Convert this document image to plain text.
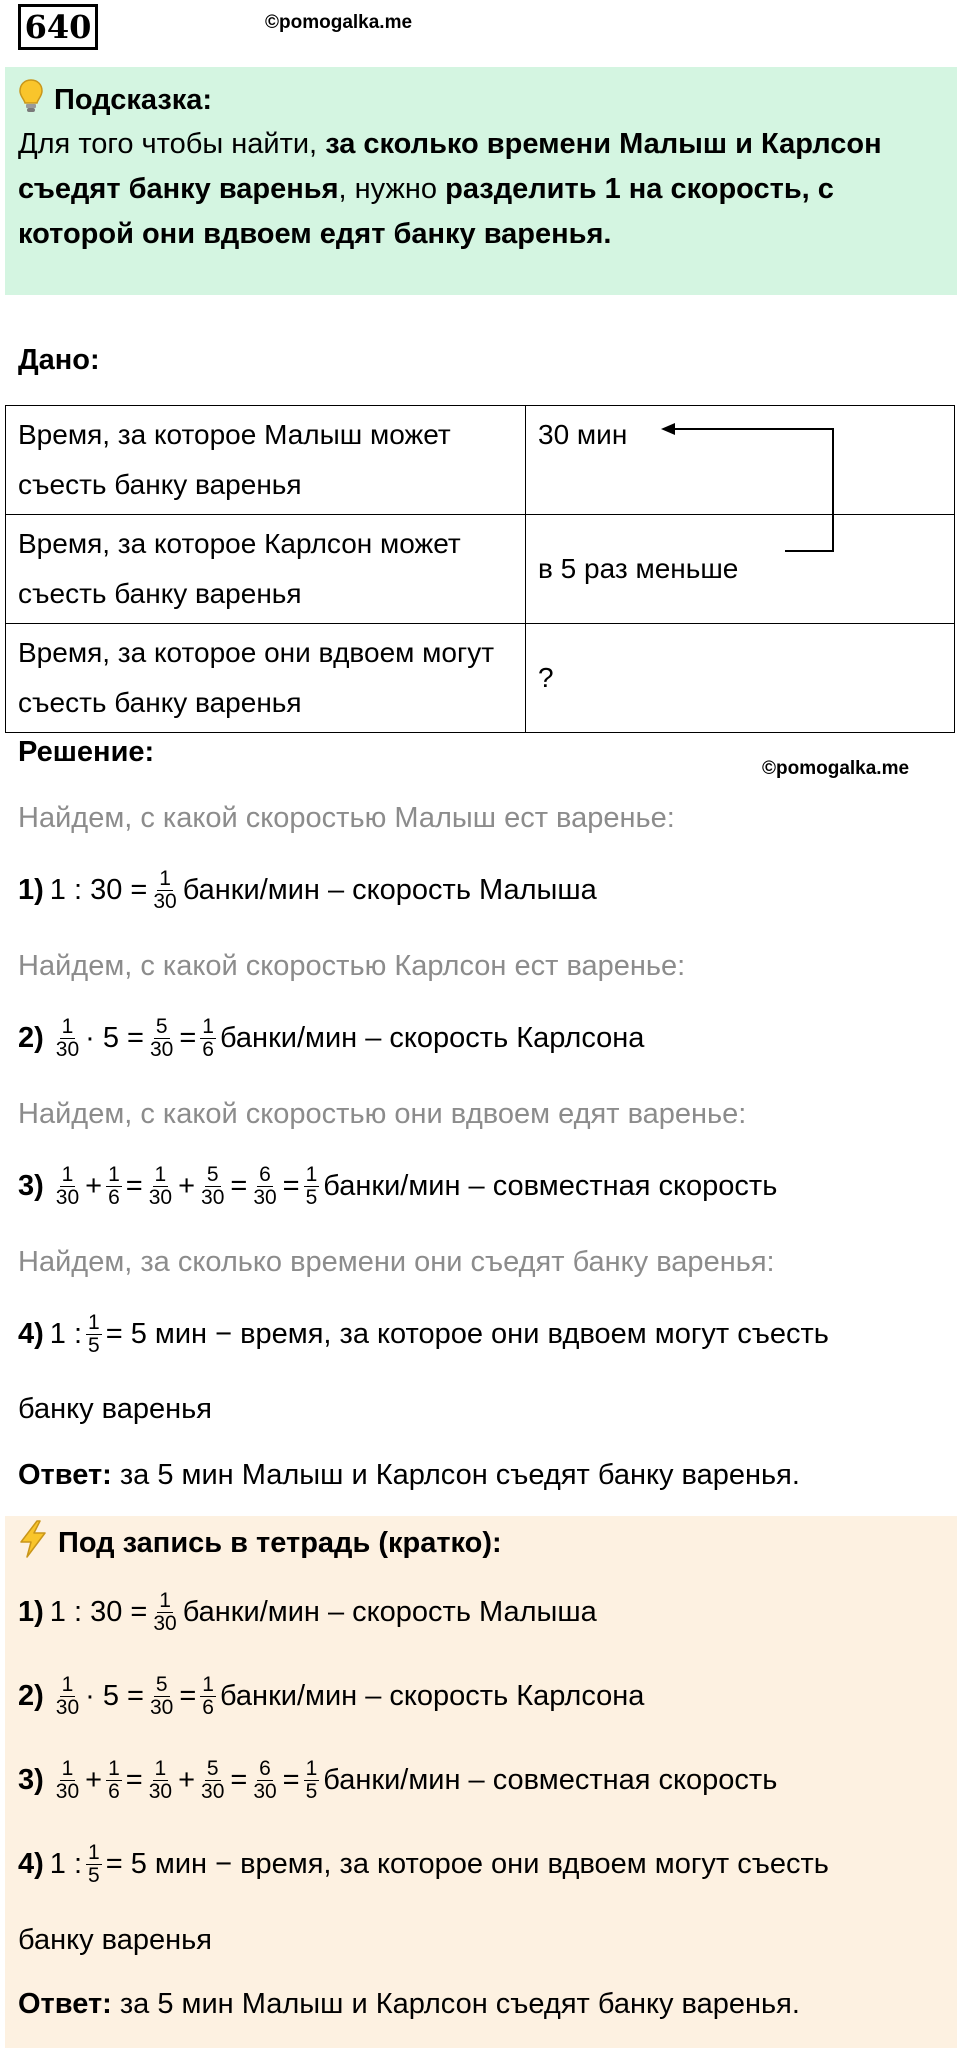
640	©pomogalka.me
Подсказка:
Для того чтобы найти, за сколько времени Малыш и Карлсон съедят банку варенья, нужно разделить 1 на скорость, с которой они вдвоем едят банку варенья.
Дано:
Время, за которое Малыш может съесть банку варенья	30 мин
Время, за которое Карлсон может съесть банку варенья	в 5 раз меньше
Время, за которое они вдвоем могут съесть банку варенья	?
Решение:
©pomogalka.me
Найдем, с какой скоростью Малыш ест варенье:
1) 1 : $30 = \frac{1}{30}$ банки/мин – скорость Малыша
Найдем, с какой скоростью Карлсон ест варенье:
$2) \frac{1}{30} \cdot 5 = \frac{5}{30} = \frac{1}{6}$ банки/мин – скорость Карлсона
Найдем, с какой скоростью они вдвоем едят варенье:
$3) \frac{1}{30} + \frac{1}{6} = \frac{1}{30} + \frac{5}{30} = \frac{6}{30} = \frac{1}{5}$ банки/мин – совместная скорость
Найдем, за сколько времени они съедят банку варенья:
4) 1 : $\frac{1}{5} = 5$ мин − время, за которое они вдвоем могут съесть
банку варенья
Ответ: за 5 мин Малыш и Карлсон съедят банку варенья.
Под запись в тетрадь (кратко):
1) 1 : $30 = \frac{1}{30}$ банки/мин – скорость Малыша
$2) \frac{1}{30} \cdot 5 = \frac{5}{30} = \frac{1}{6}$ банки/мин – скорость Карлсона
$3) \frac{1}{30} + \frac{1}{6} = \frac{1}{30} + \frac{5}{30} = \frac{6}{30} = \frac{1}{5}$ банки/мин – совместная скорость
4) 1 : $\frac{1}{5} = 5$ мин − время, за которое они вдвоем могут съесть
банку варенья
Ответ: за 5 мин Малыш и Карлсон съедят банку варенья.
